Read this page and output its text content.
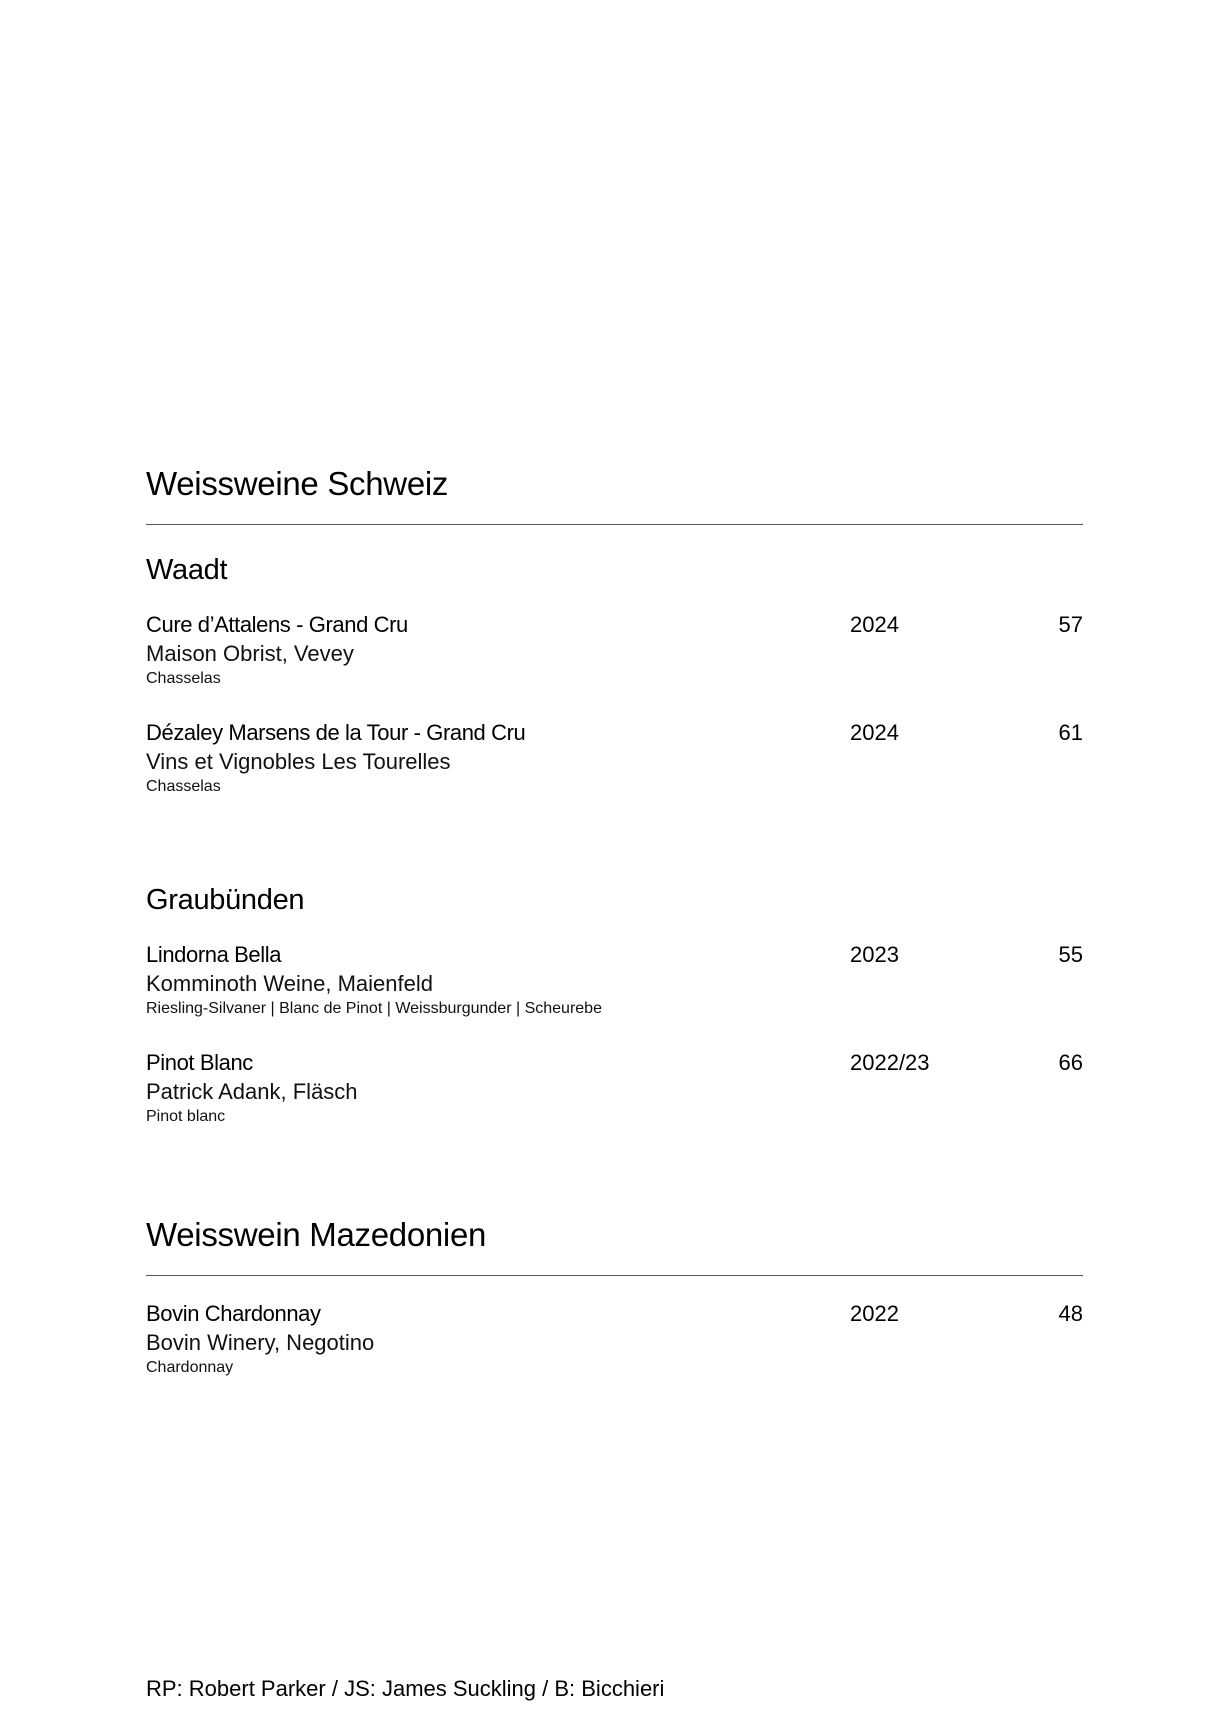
Weissweine Schweiz
Waadt
Cure d’Attalens - Grand Cru	2024	57
Maison Obrist, Vevey
Chasselas
Dézaley Marsens de la Tour - Grand Cru	2024	61
Vins et Vignobles Les Tourelles
Chasselas
Graubünden
Lindorna Bella	2023	55
Komminoth Weine, Maienfeld
Riesling-Silvaner | Blanc de Pinot | Weissburgunder | Scheurebe
Pinot Blanc	2022/23	66
Patrick Adank, Fläsch
Pinot blanc
Weisswein Mazedonien
Bovin Chardonnay	2022	48
Bovin Winery, Negotino
Chardonnay
RP: Robert Parker / JS: James Suckling / B: Bicchieri
